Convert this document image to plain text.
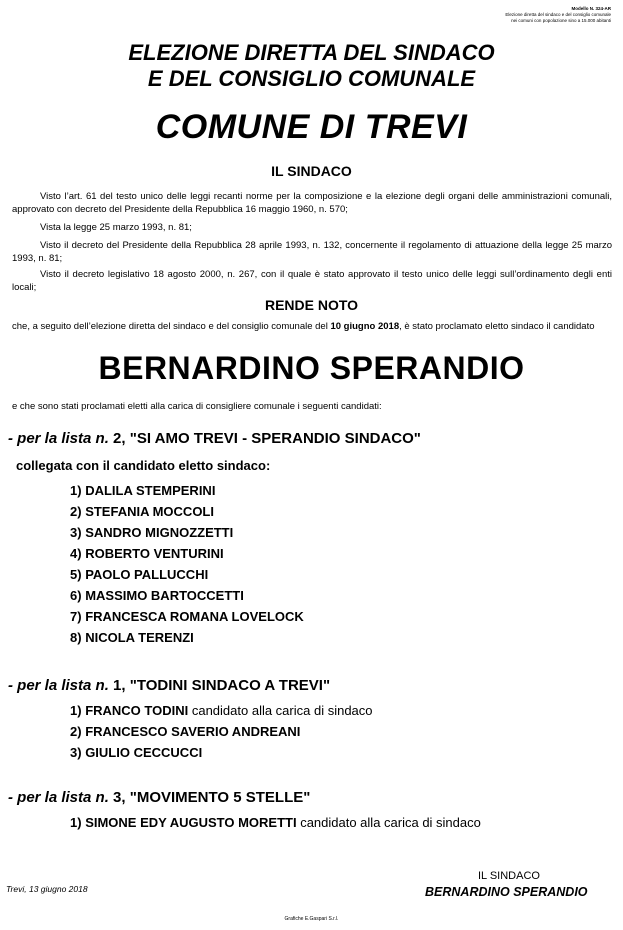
Modello N. 324-AR
Elezione diretta del sindaco e del consiglio comunale
nei comuni con popolazione sino a 15.000 abitanti
ELEZIONE DIRETTA DEL SINDACO
E DEL CONSIGLIO COMUNALE
COMUNE DI TREVI
IL SINDACO
Visto l’art. 61 del testo unico delle leggi recanti norme per la composizione e la elezione degli organi delle amministrazioni comunali, approvato con decreto del Presidente della Repubblica 16 maggio 1960, n. 570;
Vista la legge 25 marzo 1993, n. 81;
Visto il decreto del Presidente della Repubblica 28 aprile 1993, n. 132, concernente il regolamento di attuazione della legge 25 marzo 1993, n. 81;
Visto il decreto legislativo 18 agosto 2000, n. 267, con il quale è stato approvato il testo unico delle leggi sull’ordinamento degli enti locali;
RENDE NOTO
che, a seguito dell’elezione diretta del sindaco e del consiglio comunale del 10 giugno 2018, è stato proclamato eletto sindaco il candidato
BERNARDINO SPERANDIO
e che sono stati proclamati eletti alla carica di consigliere comunale i seguenti candidati:
- per la lista n. 2, "SI AMO TREVI - SPERANDIO SINDACO"
collegata con il candidato eletto sindaco:
1) DALILA STEMPERINI
2) STEFANIA MOCCOLI
3) SANDRO MIGNOZZETTI
4) ROBERTO VENTURINI
5) PAOLO PALLUCCHI
6) MASSIMO BARTOCCETTI
7) FRANCESCA ROMANA LOVELOCK
8) NICOLA TERENZI
- per la lista n. 1, "TODINI SINDACO A TREVI"
1) FRANCO TODINI candidato alla carica di sindaco
2) FRANCESCO SAVERIO ANDREANI
3) GIULIO CECCUCCI
- per la lista n. 3, "MOVIMENTO 5 STELLE"
1) SIMONE EDY AUGUSTO MORETTI candidato alla carica di sindaco
Trevi, 13 giugno 2018
IL SINDACO
BERNARDINO SPERANDIO
Grafiche E.Gaspari S.r.l.
